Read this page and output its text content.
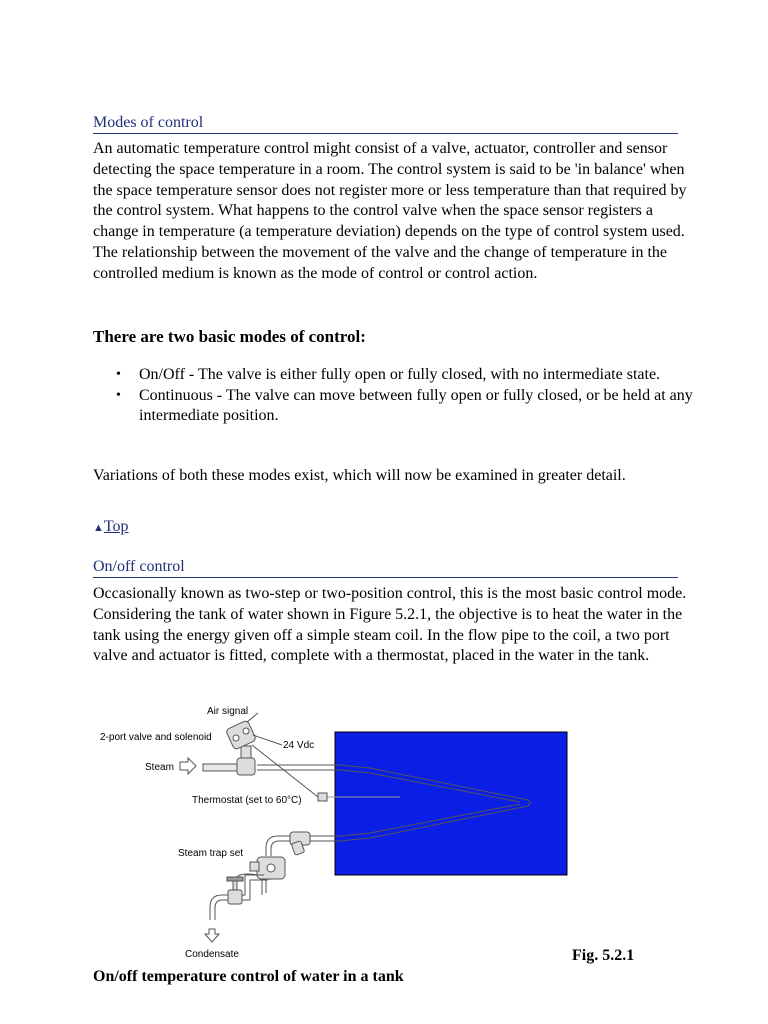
Modes of control

An automatic temperature control might consist of a valve, actuator, controller and sensor detecting the space temperature in a room. The control system is said to be 'in balance' when the space temperature sensor does not register more or less temperature than that required by the control system. What happens to the control valve when the space sensor registers a change in temperature (a temperature deviation) depends on the type of control system used. The relationship between the movement of the valve and the change of temperature in the controlled medium is known as the mode of control or control action.

There are two basic modes of control:
• On/Off - The valve is either fully open or fully closed, with no intermediate state.
• Continuous - The valve can move between fully open or fully closed, or be held at any intermediate position.

Variations of both these modes exist, which will now be examined in greater detail.

▲Top
On/off control

Occasionally known as two-step or two-position control, this is the most basic control mode. Considering the tank of water shown in Figure 5.2.1, the objective is to heat the water in the tank using the energy given off a simple steam coil. In the flow pipe to the coil, a two port valve and actuator is fitted, complete with a thermostat, placed in the water in the tank.

Air signal
2-port valve and solenoid
24 Vdc
Steam
Thermostat (set to 60°C)
Steam trap set
Condensate	Fig. 5.2.1
On/off temperature control of water in a tank
